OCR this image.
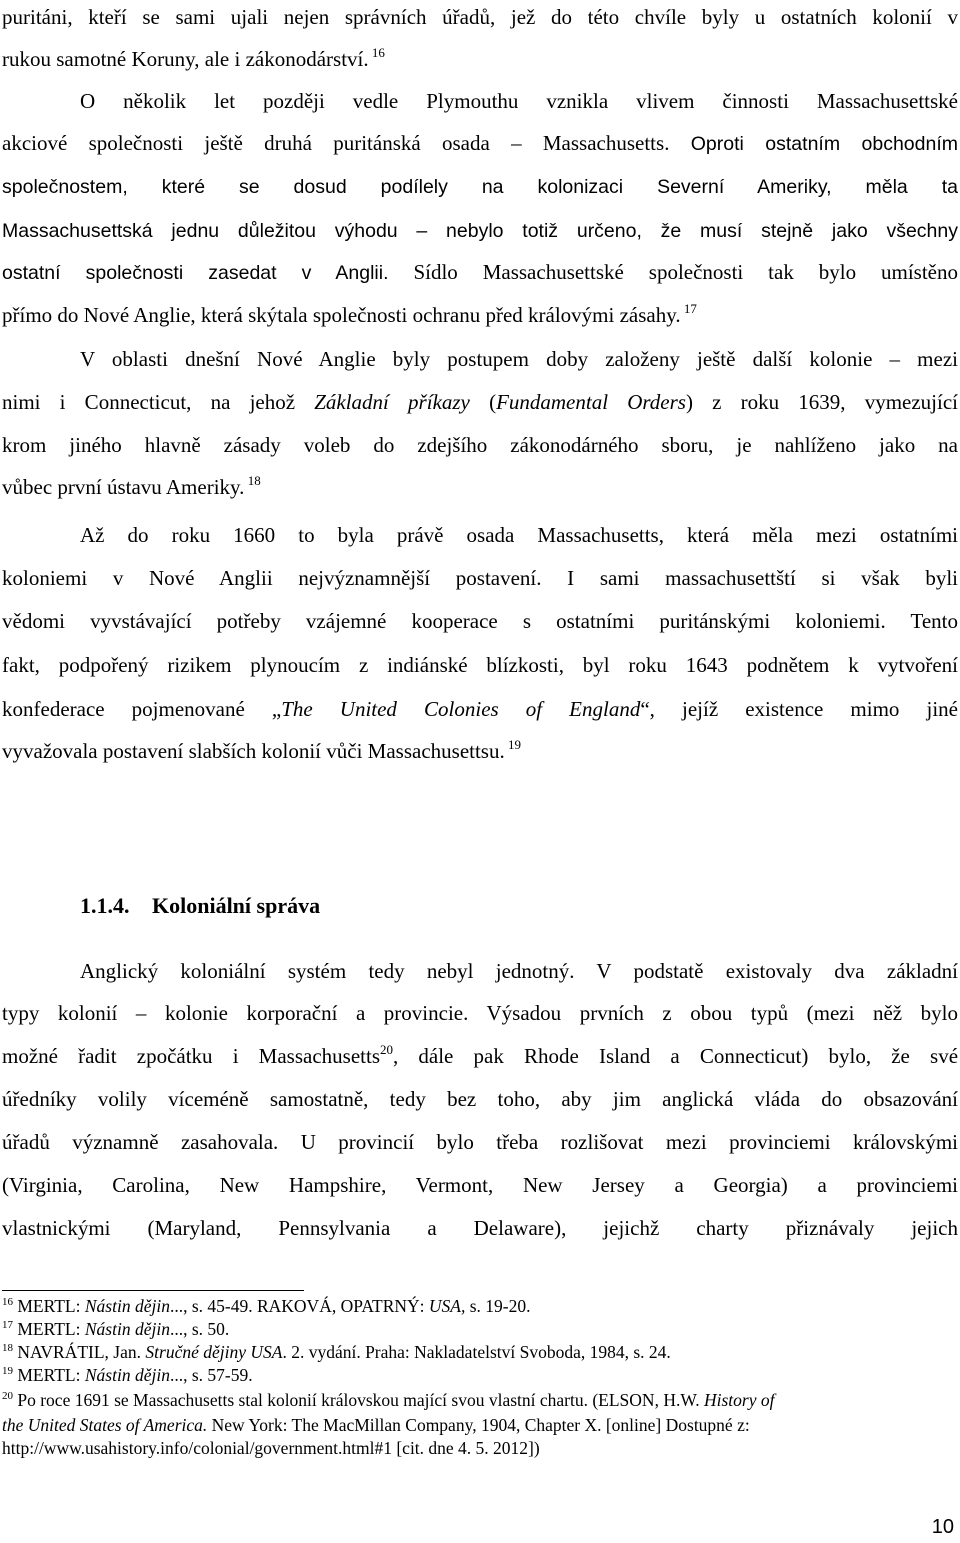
puritáni, kteří se sami ujali nejen správních úřadů, jež do této chvíle byly u ostatních kolonií v
rukou samotné Koruny, ale i zákonodárství. $^{16}$
O několik let později vedle Plymouthu vznikla vlivem činnosti Massachusettské
akciové společnosti ještě druhá puritánská osada – Massachusetts. Oproti ostatním obchodním
společnostem, které se dosud podílely na kolonizaci Severní Ameriky, měla ta
Massachusettská jednu důležitou výhodu – nebylo totiž určeno, že musí stejně jako všechny
ostatní společnosti zasedat v Anglii. Sídlo Massachusettské společnosti tak bylo umístěno
přímo do Nové Anglie, která skýtala společnosti ochranu před královými zásahy. $^{17}$
V oblasti dnešní Nové Anglie byly postupem doby založeny ještě další kolonie – mezi
nimi i Connecticut, na jehož Základní příkazy (Fundamental Orders) z roku 1639, vymezující
krom jiného hlavně zásady voleb do zdejšího zákonodárného sboru, je nahlíženo jako na
vůbec první ústavu Ameriky. $^{18}$
Až do roku 1660 to byla právě osada Massachusetts, která měla mezi ostatními
koloniemi v Nové Anglii nejvýznamnější postavení. I sami massachusettští si však byli
vědomi vyvstávající potřeby vzájemné kooperace s ostatními puritánskými koloniemi. Tento
fakt, podpořený rizikem plynoucím z indiánské blízkosti, byl roku 1643 podnětem k vytvoření
konfederace pojmenované „The United Colonies of England“, jejíž existence mimo jiné
vyvažovala postavení slabších kolonií vůči Massachusettsu. $^{19}$
Anglický koloniální systém tedy nebyl jednotný. V podstatě existovaly dva základní
typy kolonií – kolonie korporační a provincie. Výsadou prvních z obou typů (mezi něž bylo
možné řadit zpočátku i Massachusetts$^{20}$, dále pak Rhode Island a Connecticut) bylo, že své
úředníky volily víceméně samostatně, tedy bez toho, aby jim anglická vláda do obsazování
úřadů významně zasahovala. U provincií bylo třeba rozlišovat mezi provinciemi královskými
(Virginia, Carolina, New Hampshire, Vermont, New Jersey a Georgia) a provinciemi
vlastnickými (Maryland, Pennsylvania a Delaware), jejichž charty přiznávaly jejich
1.1.4. Koloniální správa
$^{16}$ MERTL: Nástin dějin..., s. 45-49. RAKOVÁ, OPATRNÝ: USA, s. 19-20.
$^{17}$ MERTL: Nástin dějin..., s. 50.
$^{18}$ NAVRÁTIL, Jan. Stručné dějiny USA. 2. vydání. Praha: Nakladatelství Svoboda, 1984, s. 24.
$^{19}$ MERTL: Nástin dějin..., s. 57-59.
$^{20}$ Po roce 1691 se Massachusetts stal kolonií královskou mající svou vlastní chartu. (ELSON, H.W. History of
the United States of America. New York: The MacMillan Company, 1904, Chapter X. [online] Dostupné z:
http://www.usahistory.info/colonial/government.html#1 [cit. dne 4. 5. 2012])
10
